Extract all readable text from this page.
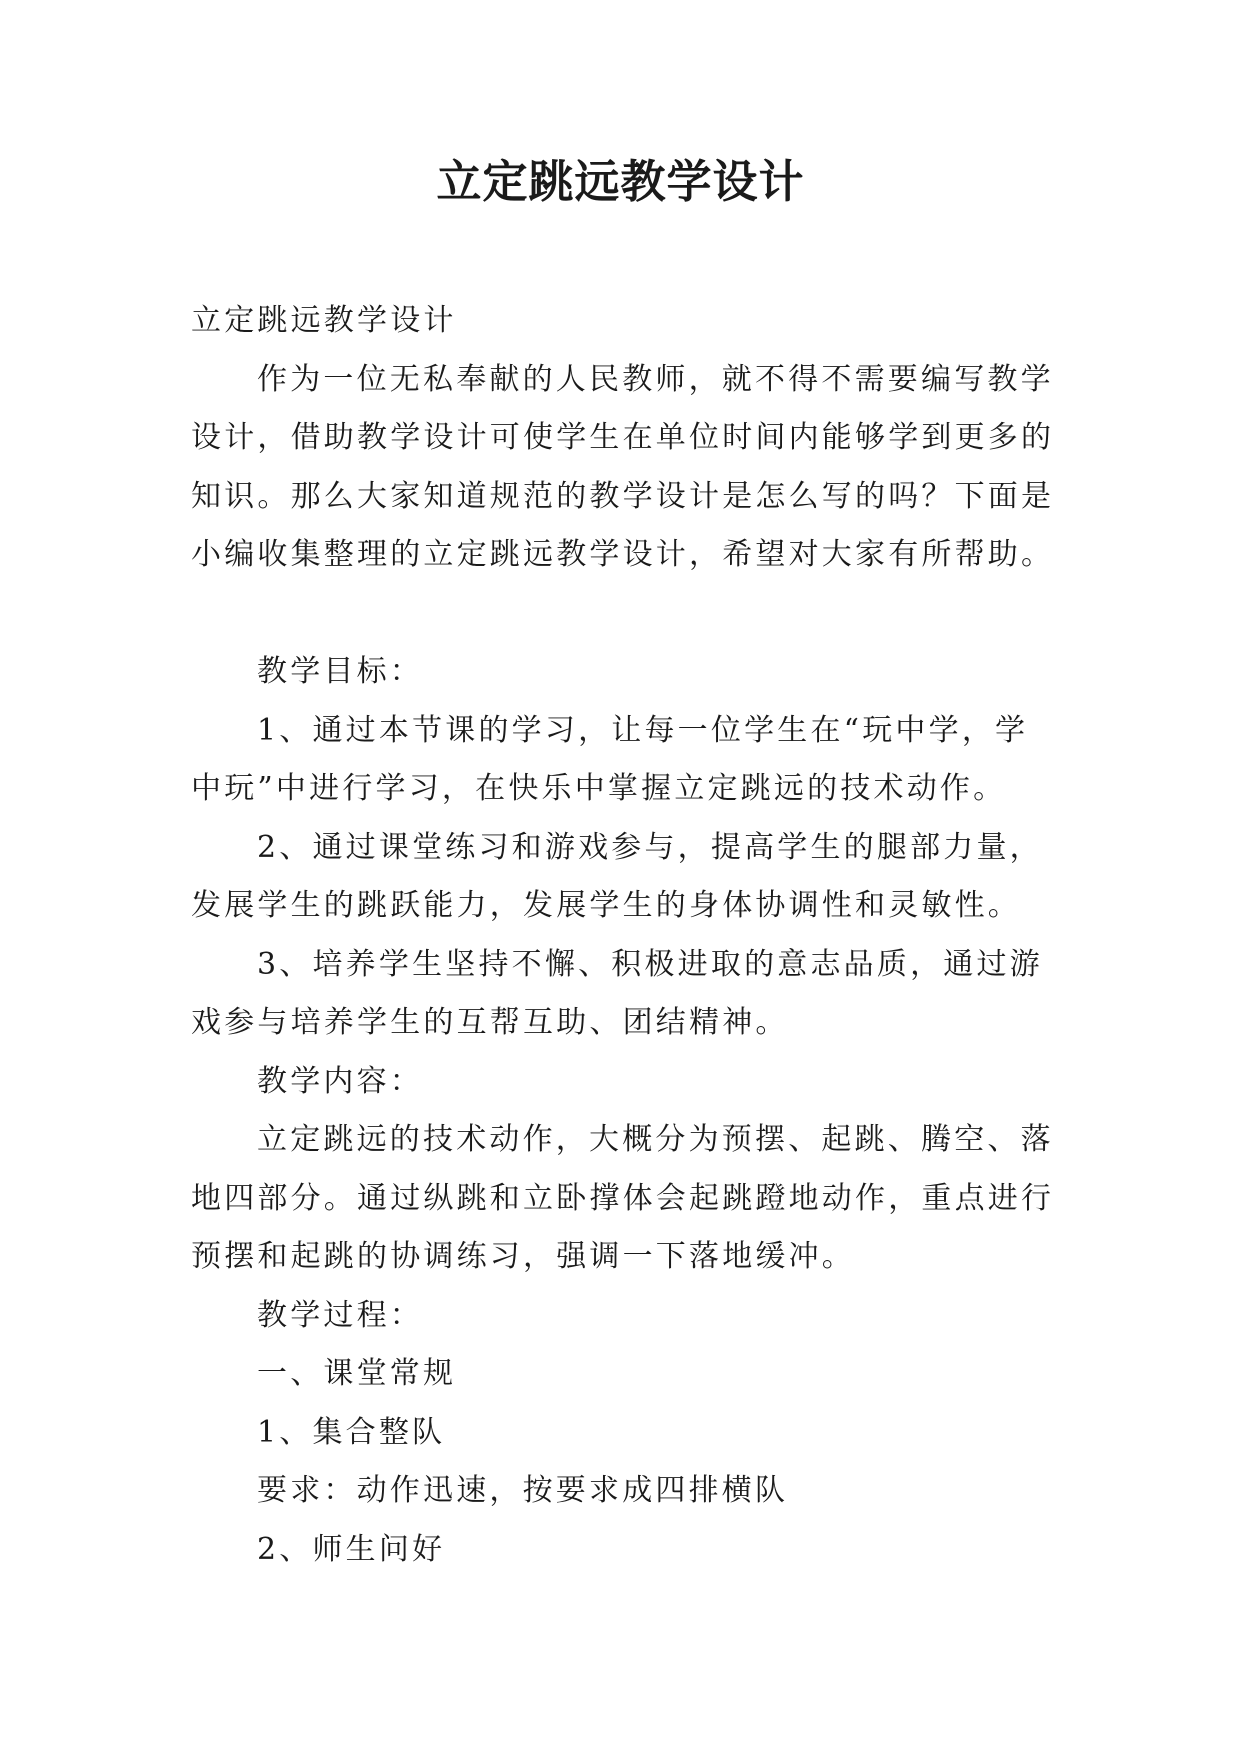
立定跳远教学设计
立定跳远教学设计
作为一位无私奉献的人民教师，就不得不需要编写教学
设计，借助教学设计可使学生在单位时间内能够学到更多的
知识。那么大家知道规范的教学设计是怎么写的吗？下面是
小编收集整理的立定跳远教学设计，希望对大家有所帮助。
教学目标：
1、通过本节课的学习，让每一位学生在“玩中学，学
中玩”中进行学习，在快乐中掌握立定跳远的技术动作。
2、通过课堂练习和游戏参与，提高学生的腿部力量，
发展学生的跳跃能力，发展学生的身体协调性和灵敏性。
3、培养学生坚持不懈、积极进取的意志品质，通过游
戏参与培养学生的互帮互助、团结精神。
教学内容：
立定跳远的技术动作，大概分为预摆、起跳、腾空、落
地四部分。通过纵跳和立卧撑体会起跳蹬地动作，重点进行
预摆和起跳的协调练习，强调一下落地缓冲。
教学过程：
一、课堂常规
1、集合整队
要求：动作迅速，按要求成四排横队
2、师生问好
